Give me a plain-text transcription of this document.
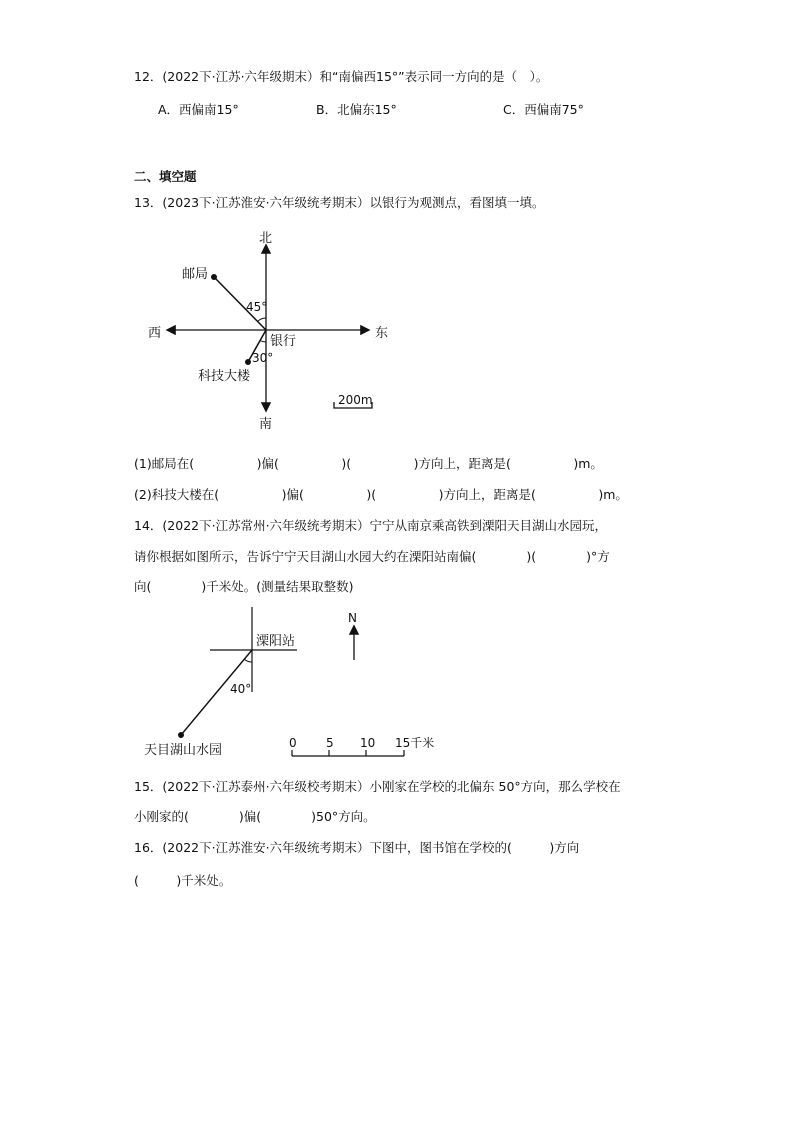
12．(2022下·江苏·六年级期末）和“南偏西15°”表示同一方向的是（　）。
A．西偏南15°	B．北偏东15°	C．西偏南75°
二、填空题
13．(2023下·江苏淮安·六年级统考期末）以银行为观测点，看图填一填。
北
南
东
西
银行
邮局
45°
科技大楼
30°
200m
(1)邮局在(　　　　　)偏(　　　　　)(　　　　　)方向上，距离是(　　　　　)m。
(2)科技大楼在(　　　　　)偏(　　　　　)(　　　　　)方向上，距离是(　　　　　)m。
14．(2022下·江苏常州·六年级统考期末）宁宁从南京乘高铁到溧阳天目湖山水园玩，
请你根据如图所示，告诉宁宁天目湖山水园大约在溧阳站南偏(　　　　)(　　　　)°方
向(　　　　)千米处。(测量结果取整数)
溧阳站
40°
N
天目湖山水园	0 5 10 15千米
15．(2022下·江苏泰州·六年级校考期末）小刚家在学校的北偏东 50°方向，那么学校在
小刚家的(　　　　)偏(　　　　)50°方向。
16．(2022下·江苏淮安·六年级统考期末）下图中，图书馆在学校的(　　　)方向
(　　　)千米处。
